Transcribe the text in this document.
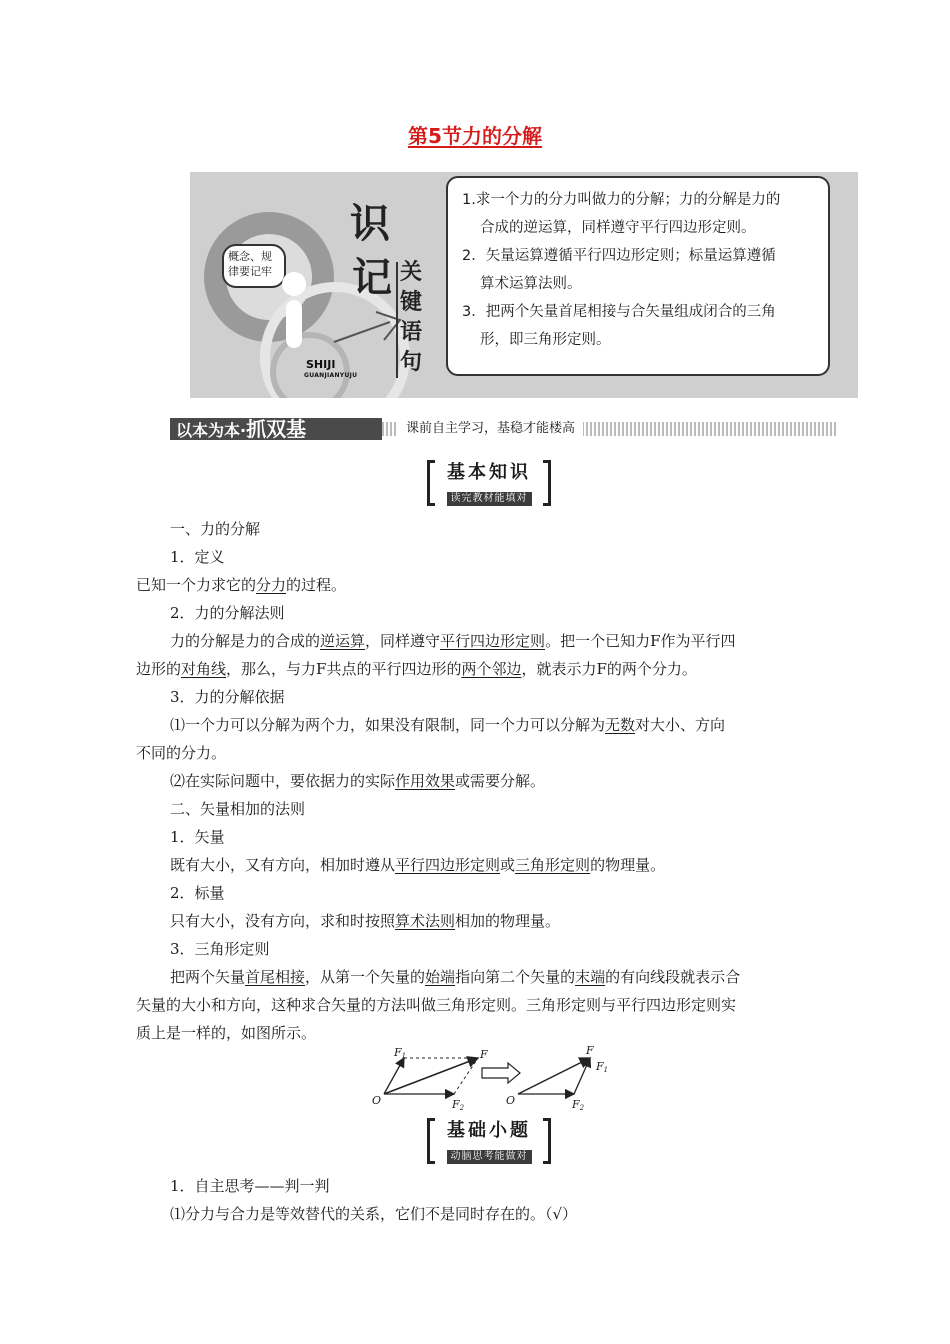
第5节力的分解
概念、规律要记牢
识
记 关键语句
SHIJI
GUANJIANYUJU

1.求一个力的分力叫做力的分解；力的分解是力的

合成的逆运算，同样遵守平行四边形定则。

2．矢量运算遵循平行四边形定则；标量运算遵循

算术运算法则。

3．把两个矢量首尾相接与合矢量组成闭合的三角

形，即三角形定则。

以本为本·抓双基	课前自主学习，基稳才能楼高
基本知识
读完教材能填对

一、力的分解

1．定义

已知一个力求它的分力的过程。

2．力的分解法则

力的分解是力的合成的逆运算，同样遵守平行四边形定则。把一个已知力F作为平行四

边形的对角线，那么，与力F共点的平行四边形的两个邻边，就表示力F的两个分力。

3．力的分解依据

⑴一个力可以分解为两个力，如果没有限制，同一个力可以分解为无数对大小、方向

不同的分力。

⑵在实际问题中，要依据力的实际作用效果或需要分解。

二、矢量相加的法则

1．矢量

既有大小，又有方向，相加时遵从平行四边形定则或三角形定则的物理量。

2．标量

只有大小，没有方向，求和时按照算术法则相加的物理量。

3．三角形定则

把两个矢量首尾相接，从第一个矢量的始端指向第二个矢量的末端的有向线段就表示合

矢量的大小和方向，这种求合矢量的方法叫做三角形定则。三角形定则与平行四边形定则实

质上是一样的，如图所示。

O
F1	F
F2
O
F
F1
F2
基础小题
动脑思考能做对

1．自主思考——判一判

⑴分力与合力是等效替代的关系，它们不是同时存在的。（√）
